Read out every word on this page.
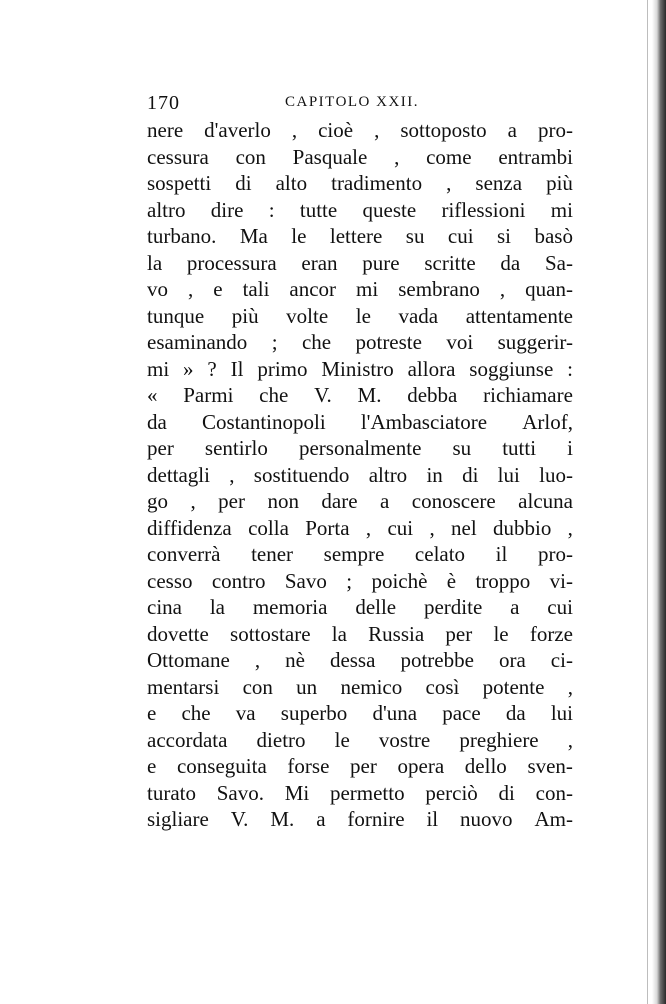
170	CAPITOLO XXII.
nere d'averlo , cioè , sottoposto a pro-
cessura con Pasquale , come entrambi
sospetti di alto tradimento , senza più
altro dire : tutte queste riflessioni mi
turbano. Ma le lettere su cui si basò
la processura eran pure scritte da Sa-
vo , e tali ancor mi sembrano , quan-
tunque più volte le vada attentamente
esaminando ; che potreste voi suggerir-
mi » ? Il primo Ministro allora soggiunse :
« Parmi che V. M. debba richiamare
da Costantinopoli l'Ambasciatore Arlof,
per sentirlo personalmente su tutti i
dettagli , sostituendo altro in di lui luo-
go , per non dare a conoscere alcuna
diffidenza colla Porta , cui , nel dubbio ,
converrà tener sempre celato il pro-
cesso contro Savo ; poichè è troppo vi-
cina la memoria delle perdite a cui
dovette sottostare la Russia per le forze
Ottomane , nè dessa potrebbe ora ci-
mentarsi con un nemico così potente ,
e che va superbo d'una pace da lui
accordata dietro le vostre preghiere ,
e conseguita forse per opera dello sven-
turato Savo. Mi permetto perciò di con-
sigliare V. M. a fornire il nuovo Am-
